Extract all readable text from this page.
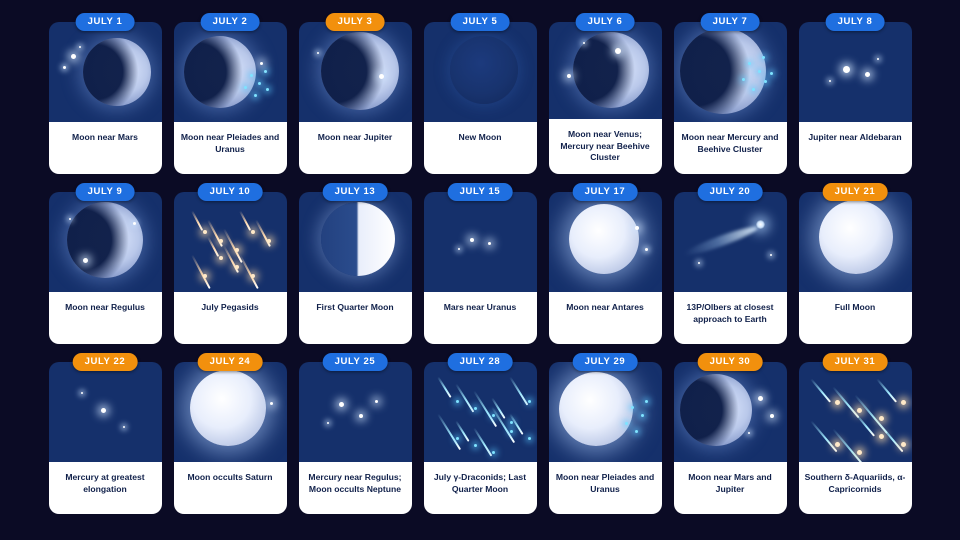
JULY 1
Moon near Mars
JULY 2
Moon near Pleiades and Uranus
JULY 3
Moon near Jupiter
JULY 5
New Moon
JULY 6
Moon near Venus; Mercury near Beehive Cluster
JULY 7
Moon near Mercury and Beehive Cluster
JULY 8
Jupiter near Aldebaran
JULY 9
Moon near Regulus
JULY 10
July Pegasids
JULY 13
First Quarter Moon
JULY 15
Mars near Uranus
JULY 17
Moon near Antares
JULY 20
13P/Olbers at closest approach to Earth
JULY 21
Full Moon
JULY 22
Mercury at greatest elongation
JULY 24
Moon occults Saturn
JULY 25
Mercury near Regulus; Moon occults Neptune
JULY 28
July γ-Draconids; Last Quarter Moon
JULY 29
Moon near Pleiades and Uranus
JULY 30
Moon near Mars and Jupiter
JULY 31
Southern δ-Aquariids, α-Capricornids
